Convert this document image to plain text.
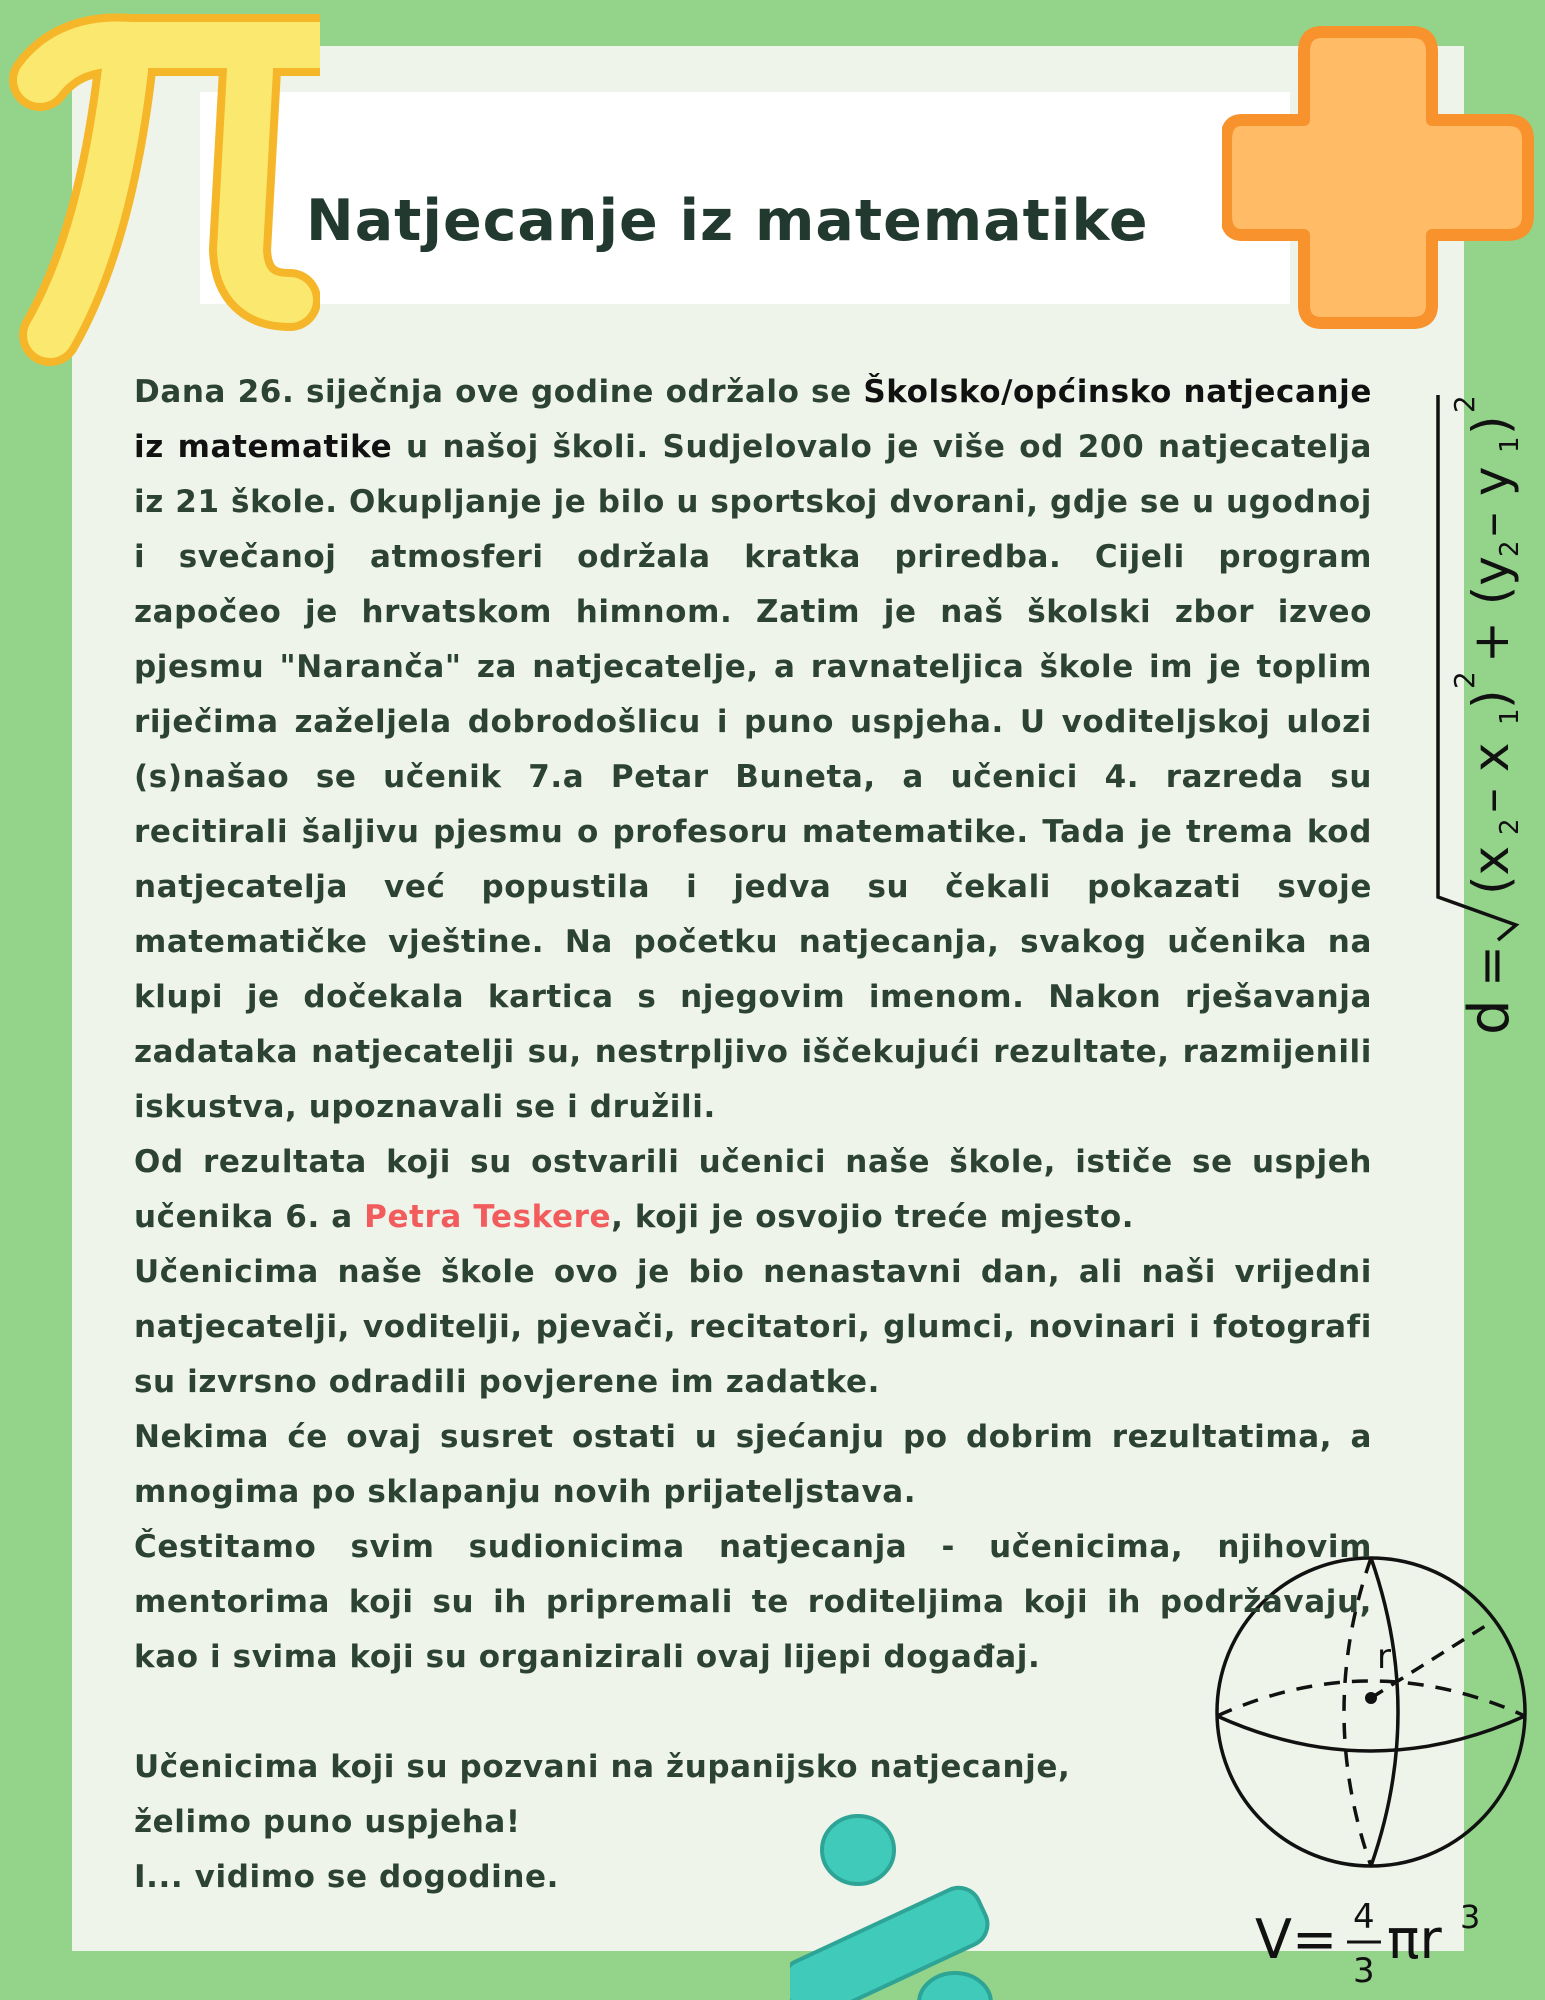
d
=
(x
2
– x
1
)
2
+ (y
2
– y
1
)
2
r
V= 4
3 πr 3
Natjecanje iz matematike

Dana 26. siječnja ove godine održalo se Školsko/općinsko natjecanje iz matematike u našoj školi. Sudjelovalo je više od 200 natjecatelja iz 21 škole. Okupljanje je bilo u sportskoj dvorani, gdje se u ugodnoj i svečanoj atmosferi održala kratka priredba. Cijeli program započeo je hrvatskom himnom. Zatim je naš školski zbor izveo pjesmu "Naranča" za natjecatelje, a ravnateljica škole im je toplim riječima zaželjela dobrodošlicu i puno uspjeha. U voditeljskoj ulozi (s)našao se učenik 7.a Petar Buneta, a učenici 4. razreda su recitirali šaljivu pjesmu o profesoru matematike. Tada je trema kod natjecatelja već popustila i jedva su čekali pokazati svoje matematičke vještine. Na početku natjecanja, svakog učenika na klupi je dočekala kartica s njegovim imenom. Nakon rješavanja zadataka natjecatelji su, nestrpljivo iščekujući rezultate, razmijenili iskustva, upoznavali se i družili.

Od rezultata koji su ostvarili učenici naše škole, ističe se uspjeh učenika 6. a Petra Teskere, koji je osvojio treće mjesto.

Učenicima naše škole ovo je bio nenastavni dan, ali naši vrijedni natjecatelji, voditelji, pjevači, recitatori, glumci, novinari i fotografi su izvrsno odradili povjerene im zadatke.

Nekima će ovaj susret ostati u sjećanju po dobrim rezultatima, a mnogima po sklapanju novih prijateljstava.

Čestitamo svim sudionicima natjecanja - učenicima, njihovim mentorima koji su ih pripremali te roditeljima koji ih podržavaju, kao i svima koji su organizirali ovaj lijepi događaj.

Učenicima koji su pozvani na županijsko natjecanje,
želimo puno uspjeha!
I... vidimo se dogodine.
